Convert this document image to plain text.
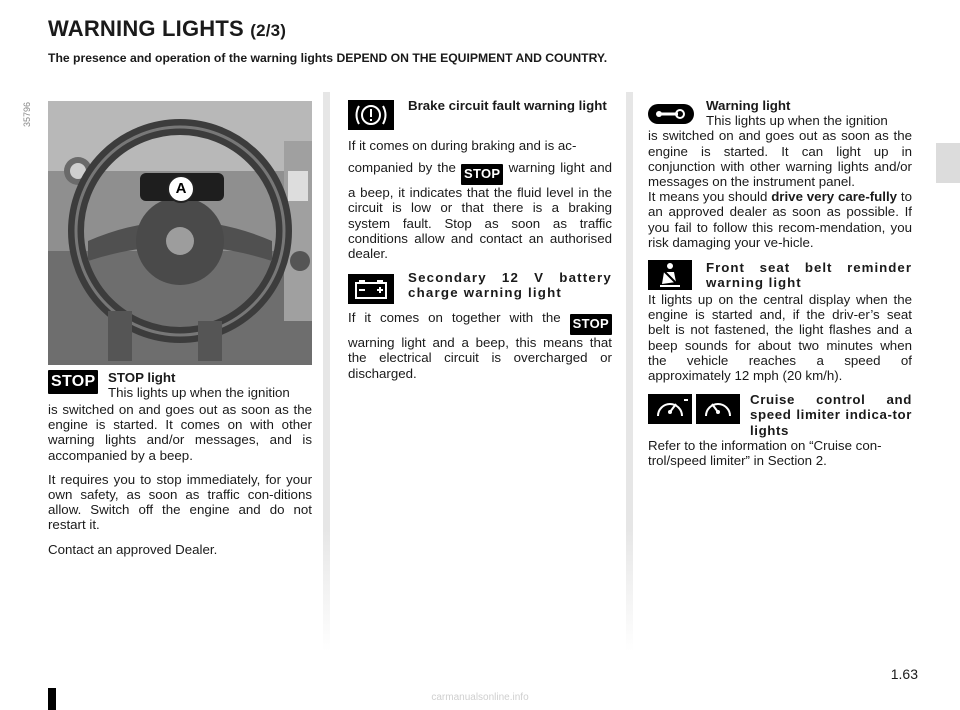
WARNING LIGHTS (2/3)

The presence and operation of the warning lights DEPEND ON THE EQUIPMENT AND COUNTRY.

35796
A
STOP STOP light
This lights up when the ignition

is switched on and goes out as soon as the engine is started. It comes on with other warning lights and/or messages, and is accompanied by a beep.

It requires you to stop immediately, for your own safety, as soon as traffic con-ditions allow. Switch off the engine and do not restart it.

Contact an approved Dealer.

Brake circuit fault warning light

If it comes on during braking and is ac-

companied by the STOP warning light and a beep, it indicates that the fluid level in the circuit is low or that there is a braking system fault. Stop as soon as traffic conditions allow and contact an authorised dealer.

Secondary 12 V battery charge warning light

If it comes on together with the STOP warning light and a beep, this means that the electrical circuit is overcharged or discharged.

Warning light
This lights up when the ignition

is switched on and goes out as soon as the engine is started. It can light up in conjunction with other warning lights and/or messages on the instrument panel.

It means you should drive very care-fully to an approved dealer as soon as possible. If you fail to follow this recom-mendation, you risk damaging your ve-hicle.

Front seat belt reminder warning light

It lights up on the central display when the engine is started and, if the driv-er’s seat belt is not fastened, the light flashes and a beep sounds for about two minutes when the vehicle reaches a speed of approximately 12 mph (20 km/h).

Cruise control and speed limiter indica-tor lights

Refer to the information on “Cruise con-trol/speed limiter” in Section 2.

1.63
carmanualsonline.info
